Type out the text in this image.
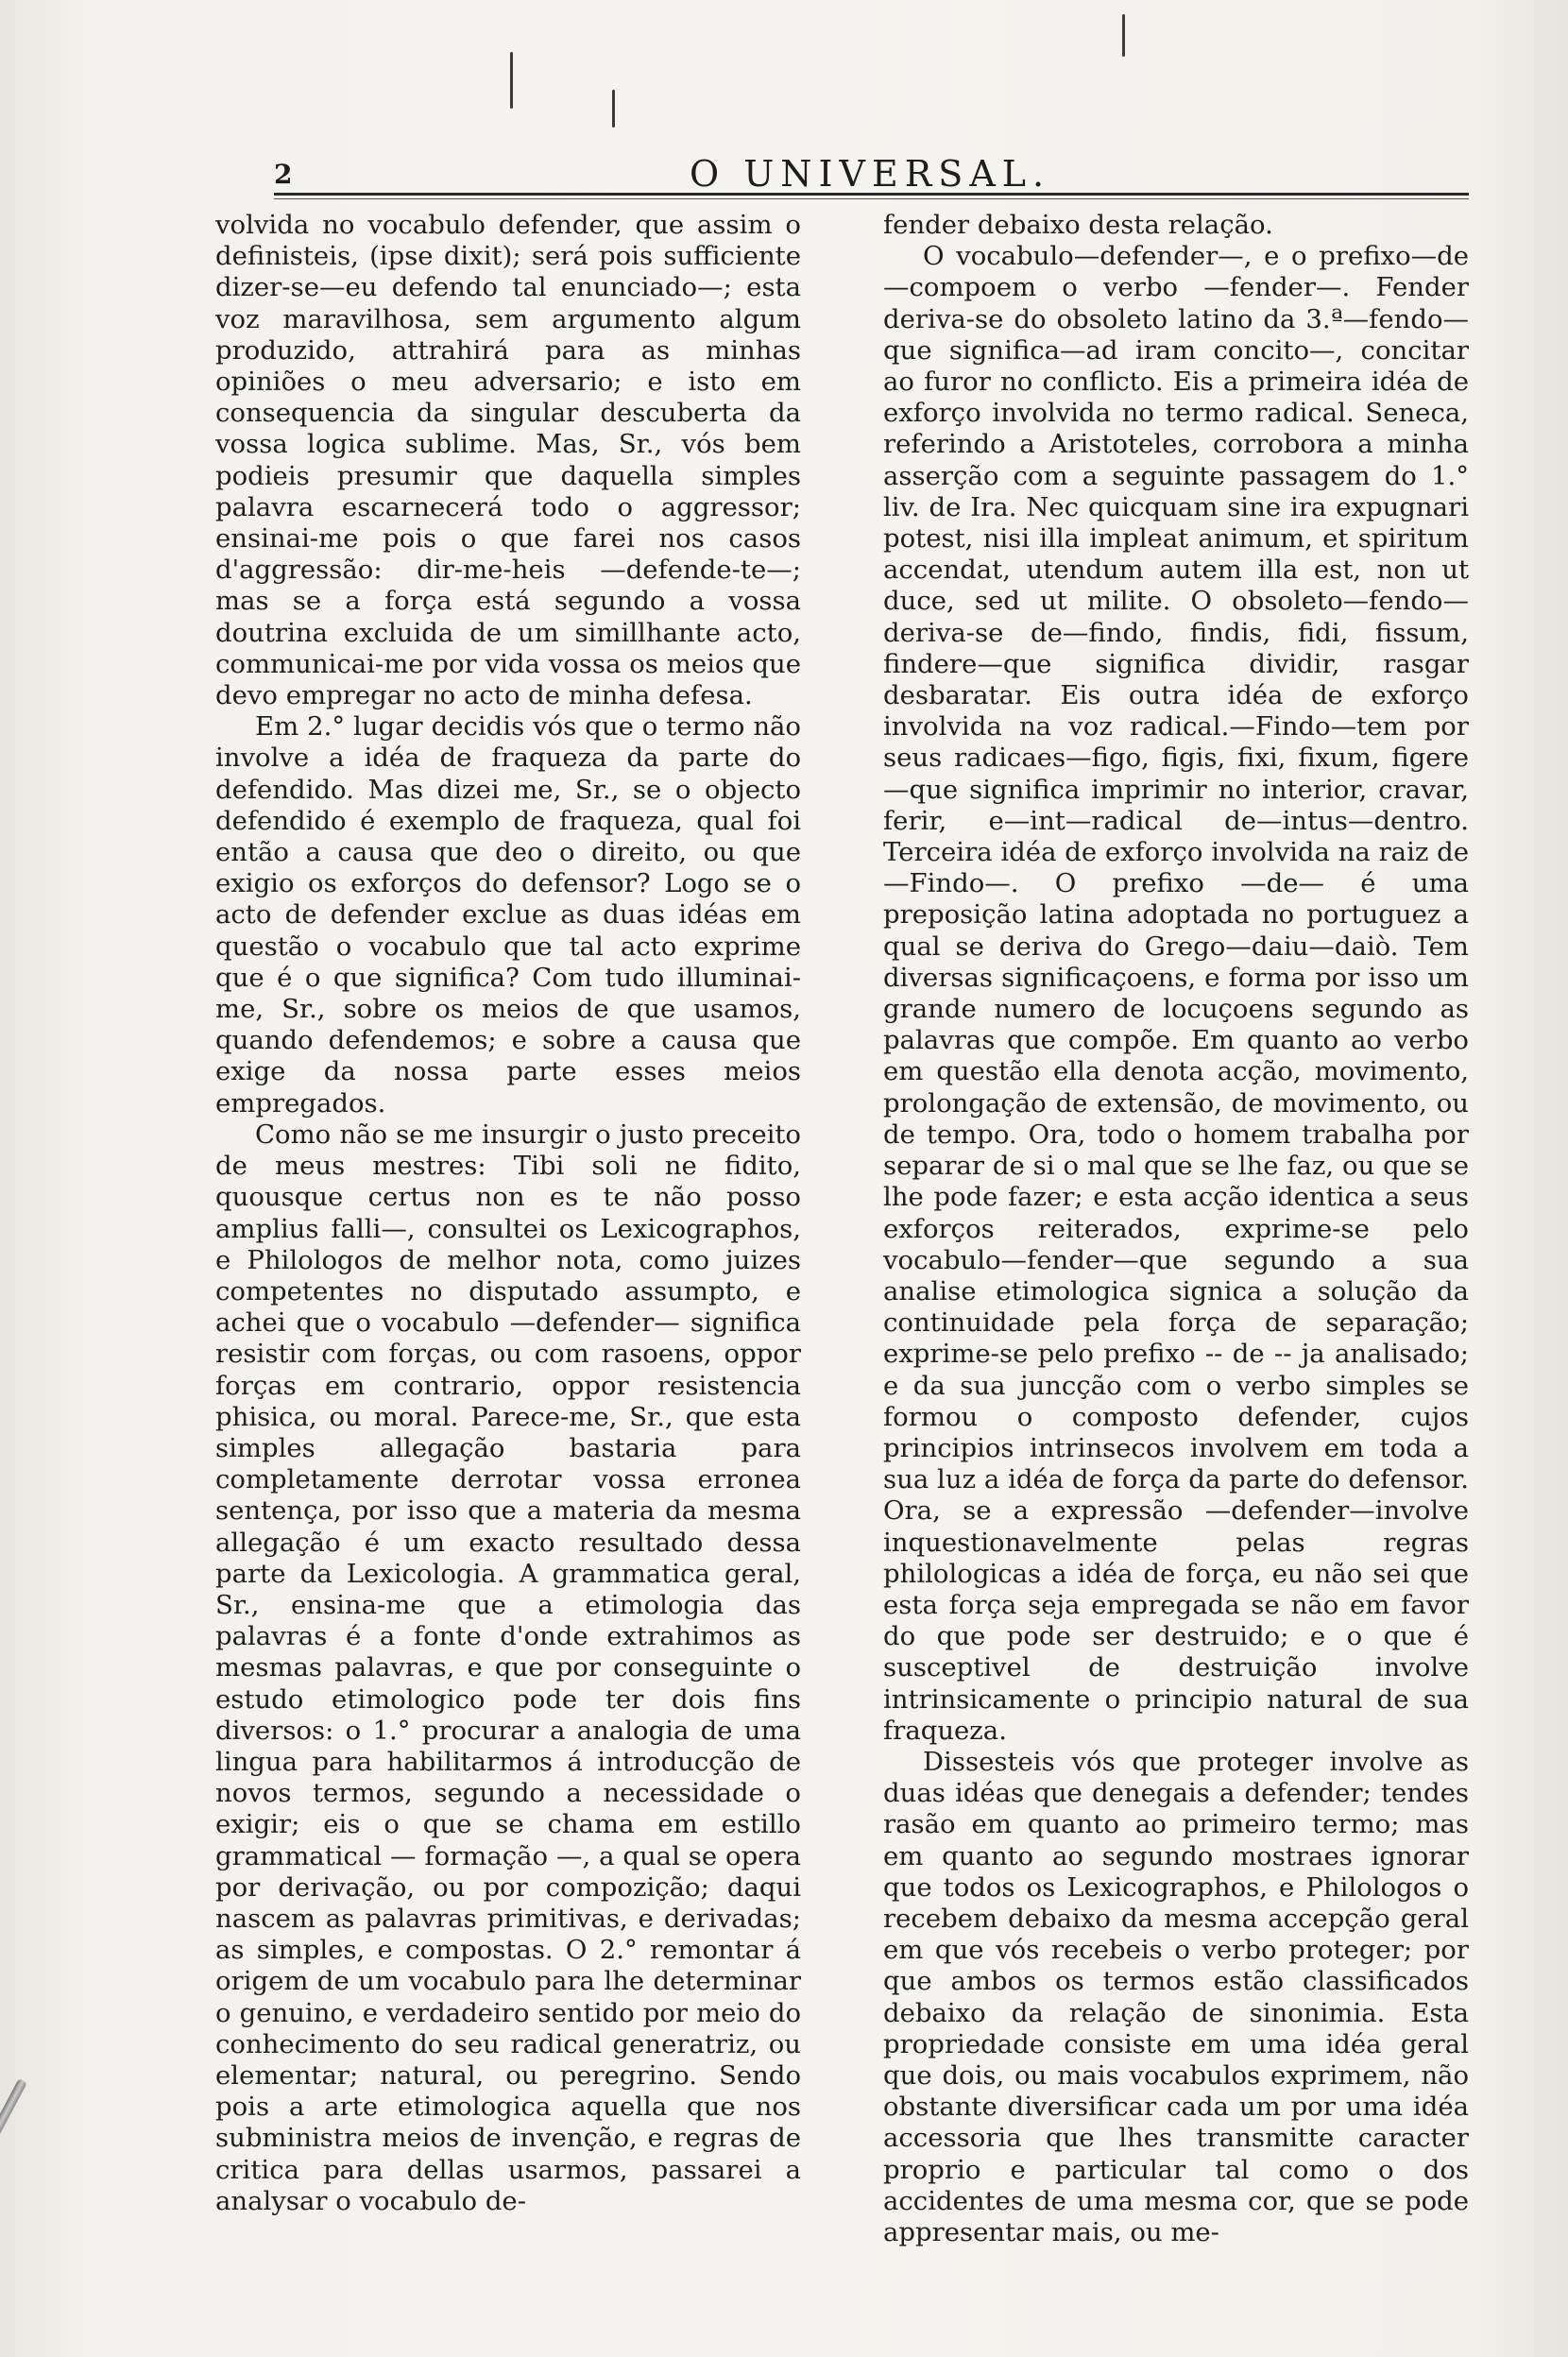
2	O UNIVERSAL.

volvida no vocabulo defender, que assim o definisteis, (ipse dixit); será pois sufficiente dizer-se—eu defendo tal enunciado—; esta voz maravilhosa, sem argumento algum produzido, attrahirá para as minhas opiniões o meu adversario; e isto em consequencia da singular descuberta da vossa logica sublime. Mas, Sr., vós bem podieis presumir que daquella simples palavra escarnecerá todo o aggressor; ensinai-me pois o que farei nos casos d'aggressão: dir-me-heis —defende-te—; mas se a força está segundo a vossa doutrina excluida de um simillhante acto, communicai-me por vida vossa os meios que devo empregar no acto de minha defesa.

Em 2.° lugar decidis vós que o termo não involve a idéa de fraqueza da parte do defendido. Mas dizei me, Sr., se o objecto defendido é exemplo de fraqueza, qual foi então a causa que deo o direito, ou que exigio os exforços do defensor? Logo se o acto de defender exclue as duas idéas em questão o vocabulo que tal acto exprime que é o que significa? Com tudo illuminai-me, Sr., sobre os meios de que usamos, quando defendemos; e sobre a causa que exige da nossa parte esses meios empregados.

Como não se me insurgir o justo preceito de meus mestres: Tibi soli ne fidito, quousque certus non es te não posso amplius falli—, consultei os Lexicographos, e Philologos de melhor nota, como juizes competentes no disputado assumpto, e achei que o vocabulo —defender— significa resistir com forças, ou com rasoens, oppor forças em contrario, oppor resistencia phisica, ou moral. Parece-me, Sr., que esta simples allegação bastaria para completamente derrotar vossa erronea sentença, por isso que a materia da mesma allegação é um exacto resultado dessa parte da Lexicologia. A grammatica geral, Sr., ensina-me que a etimologia das palavras é a fonte d'onde extrahimos as mesmas palavras, e que por conseguinte o estudo etimologico pode ter dois fins diversos: o 1.° procurar a analogia de uma lingua para habilitarmos á introducção de novos termos, segundo a necessidade o exigir; eis o que se chama em estillo grammatical — formação —, a qual se opera por derivação, ou por compozição; daqui nascem as palavras primitivas, e derivadas; as simples, e compostas. O 2.° remontar á origem de um vocabulo para lhe determinar o genuino, e verdadeiro sentido por meio do conhecimento do seu radical generatriz, ou elementar; natural, ou peregrino. Sendo pois a arte etimologica aquella que nos subministra meios de invenção, e regras de critica para dellas usarmos, passarei a analysar o vocabulo de-

fender debaixo desta relação.

O vocabulo—defender—, e o prefixo—de—compoem o verbo —fender—. Fender deriva-se do obsoleto latino da 3.ª—fendo—que significa—ad iram concito—, concitar ao furor no conflicto. Eis a primeira idéa de exforço involvida no termo radical. Seneca, referindo a Aristoteles, corrobora a minha asserção com a seguinte passagem do 1.° liv. de Ira. Nec quicquam sine ira expugnari potest, nisi illa impleat animum, et spiritum accendat, utendum autem illa est, non ut duce, sed ut milite. O obsoleto—fendo—deriva-se de—findo, findis, fidi, fissum, findere—que significa dividir, rasgar desbaratar. Eis outra idéa de exforço involvida na voz radical.—Findo—tem por seus radicaes—figo, figis, fixi, fixum, figere—que significa imprimir no interior, cravar, ferir, e—int—radical de—intus—dentro. Terceira idéa de exforço involvida na raiz de—Findo—. O prefixo —de— é uma preposição latina adoptada no portuguez a qual se deriva do Grego—daiu—daiò. Tem diversas significaçoens, e forma por isso um grande numero de locuçoens segundo as palavras que compõe. Em quanto ao verbo em questão ella denota acção, movimento, prolongação de extensão, de movimento, ou de tempo. Ora, todo o homem trabalha por separar de si o mal que se lhe faz, ou que se lhe pode fazer; e esta acção identica a seus exforços reiterados, exprime-se pelo vocabulo—fender—que segundo a sua analise etimologica signica a solução da continuidade pela força de separação; exprime-se pelo prefixo -- de -- ja analisado; e da sua juncção com o verbo simples se formou o composto defender, cujos principios intrinsecos involvem em toda a sua luz a idéa de força da parte do defensor. Ora, se a expressão —defender—involve inquestionavelmente pelas regras philologicas a idéa de força, eu não sei que esta força seja empregada se não em favor do que pode ser destruido; e o que é susceptivel de destruição involve intrinsicamente o principio natural de sua fraqueza.

Dissesteis vós que proteger involve as duas idéas que denegais a defender; tendes rasão em quanto ao primeiro termo; mas em quanto ao segundo mostraes ignorar que todos os Lexicographos, e Philologos o recebem debaixo da mesma accepção geral em que vós recebeis o verbo proteger; por que ambos os termos estão classificados debaixo da relação de sinonimia. Esta propriedade consiste em uma idéa geral que dois, ou mais vocabulos exprimem, não obstante diversificar cada um por uma idéa accessoria que lhes transmitte caracter proprio e particular tal como o dos accidentes de uma mesma cor, que se pode appresentar mais, ou me-
